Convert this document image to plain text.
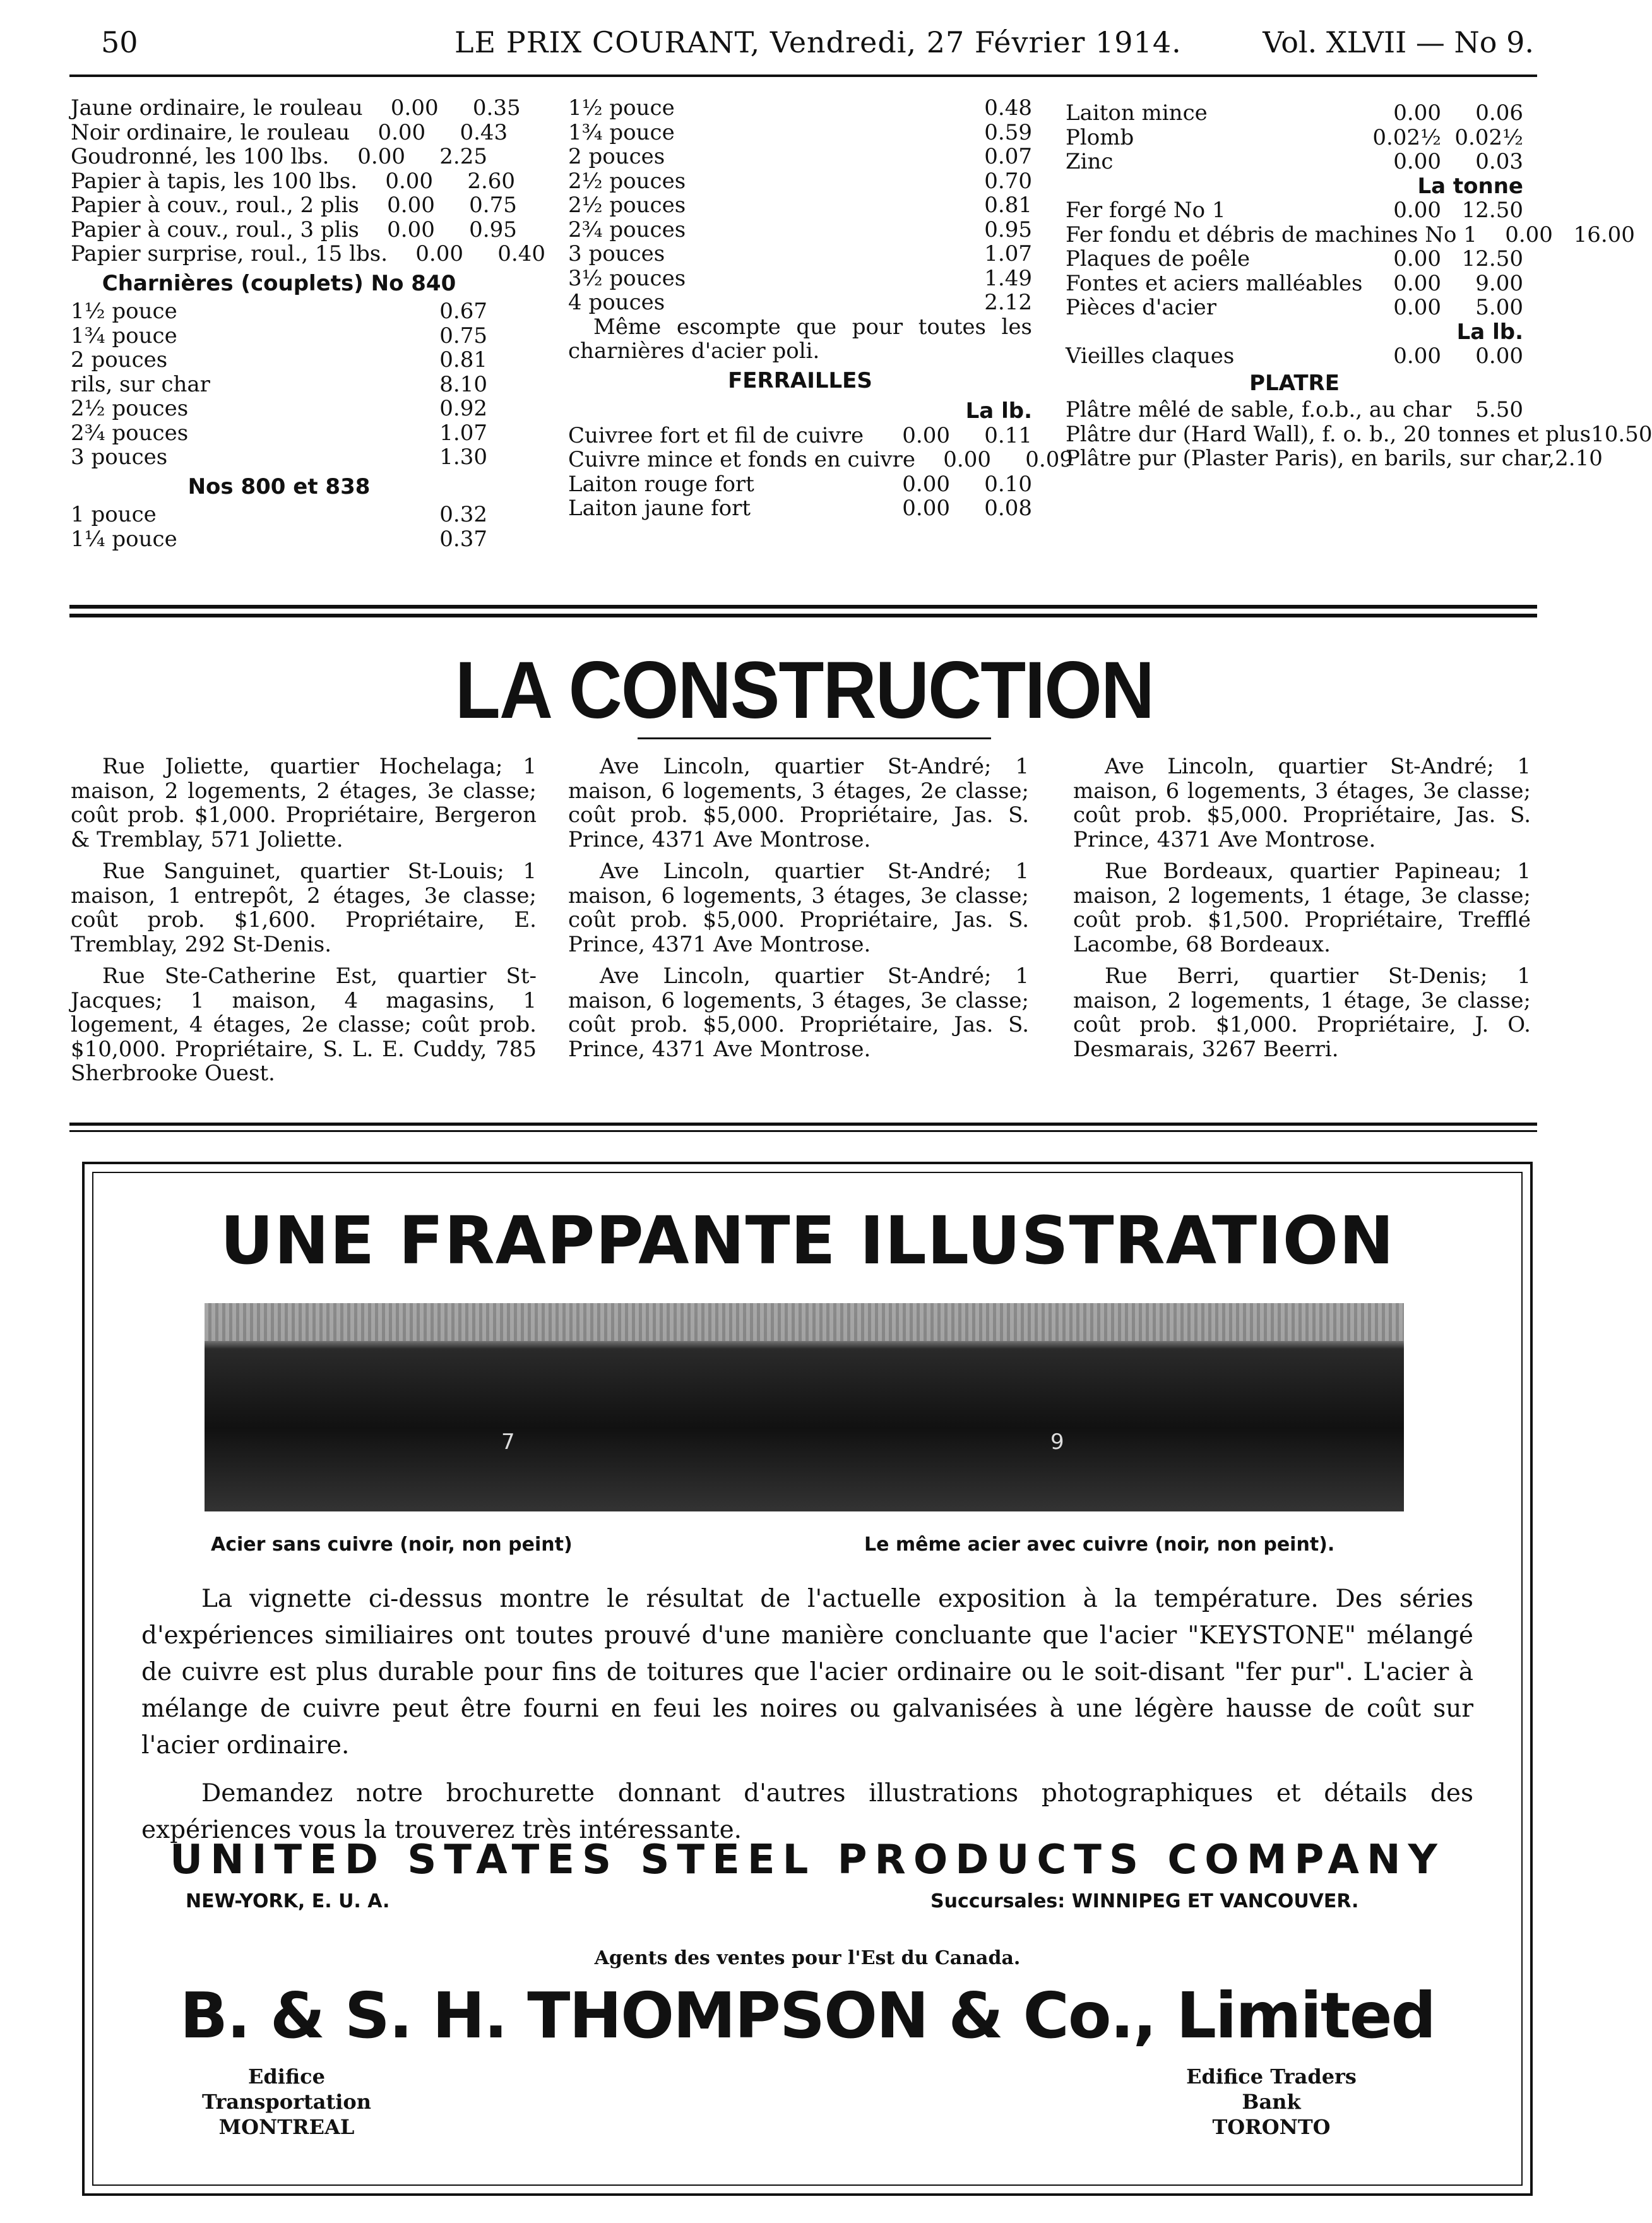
50	LE PRIX COURANT, Vendredi, 27 Février 1914.	Vol. XLVII — No 9.
Jaune ordinaire, le rouleau	0.00 0.35
Noir ordinaire, le rouleau	0.00 0.43
Goudronné, les 100 lbs.	0.00 2.25
Papier à tapis, les 100 lbs.	0.00 2.60
Papier à couv., roul., 2 plis	0.00 0.75
Papier à couv., roul., 3 plis	0.00 0.95
Papier surprise, roul., 15 lbs.	0.00 0.40
Charnières (couplets) No 840
1½ pouce	0.67
1¾ pouce	0.75
2 pouces	0.81
rils, sur char	8.10
2½ pouces	0.92
2¾ pouces	1.07
3 pouces	1.30
Nos 800 et 838
1 pouce	0.32
1¼ pouce	0.37
1½ pouce	0.48
1¾ pouce	0.59
2 pouces	0.07
2½ pouces	0.70
2½ pouces	0.81
2¾ pouces	0.95
3 pouces	1.07
3½ pouces	1.49
4 pouces	2.12
Même escompte que pour toutes les charnières d'acier poli.
FERRAILLES
La lb.
Cuivree fort et fil de cuivre	0.00 0.11
Cuivre mince et fonds en cuivre	0.00 0.09
Laiton rouge fort	0.00 0.10
Laiton jaune fort	0.00 0.08
Laiton mince	0.00 0.06
Plomb	0.02½ 0.02½
Zinc	0.00 0.03
La tonne
Fer forgé No 1	0.00 12.50
Fer fondu et débris de machines No 1	0.00 16.00
Plaques de poêle	0.00 12.50
Fontes et aciers malléables	0.00 9.00
Pièces d'acier	0.00 5.00
La lb.
Vieilles claques	0.00 0.00
PLATRE
Plâtre mêlé de sable, f.o.b., au char 5.50
Plâtre dur (Hard Wall), f. o. b., 20 tonnes et plus 10.50
Plâtre pur (Plaster Paris), en barils, sur char, 2.10
LA CONSTRUCTION

Rue Joliette, quartier Hochelaga; 1 maison, 2 logements, 2 étages, 3e classe; coût prob. $1,000. Propriétaire, Bergeron & Tremblay, 571 Joliette.

Rue Sanguinet, quartier St-Louis; 1 maison, 1 entrepôt, 2 étages, 3e classe; coût prob. $1,600. Propriétaire, E. Tremblay, 292 St-Denis.

Rue Ste-Catherine Est, quartier St-Jacques; 1 maison, 4 magasins, 1 logement, 4 étages, 2e classe; coût prob. $10,000. Propriétaire, S. L. E. Cuddy, 785 Sherbrooke Ouest.

Ave Lincoln, quartier St-André; 1 maison, 6 logements, 3 étages, 2e classe; coût prob. $5,000. Propriétaire, Jas. S. Prince, 4371 Ave Montrose.

Ave Lincoln, quartier St-André; 1 maison, 6 logements, 3 étages, 3e classe; coût prob. $5,000. Propriétaire, Jas. S. Prince, 4371 Ave Montrose.

Ave Lincoln, quartier St-André; 1 maison, 6 logements, 3 étages, 3e classe; coût prob. $5,000. Propriétaire, Jas. S. Prince, 4371 Ave Montrose.

Ave Lincoln, quartier St-André; 1 maison, 6 logements, 3 étages, 3e classe; coût prob. $5,000. Propriétaire, Jas. S. Prince, 4371 Ave Montrose.

Rue Bordeaux, quartier Papineau; 1 maison, 2 logements, 1 étage, 3e classe; coût prob. $1,500. Propriétaire, Trefflé Lacombe, 68 Bordeaux.

Rue Berri, quartier St-Denis; 1 maison, 2 logements, 1 étage, 3e classe; coût prob. $1,000. Propriétaire, J. O. Desmarais, 3267 Beerri.

UNE FRAPPANTE ILLUSTRATION
7	9
Acier sans cuivre (noir, non peint)	Le même acier avec cuivre (noir, non peint).

La vignette ci-dessus montre le résultat de l'actuelle exposition à la température. Des séries d'expériences similiaires ont toutes prouvé d'une manière concluante que l'acier "KEYSTONE" mélangé de cuivre est plus durable pour fins de toitures que l'acier ordinaire ou le soit-disant "fer pur". L'acier à mélange de cuivre peut être fourni en feui les noires ou galvanisées à une légère hausse de coût sur l'acier ordinaire.

Demandez notre brochurette donnant d'autres illustrations photographiques et détails des expériences vous la trouverez très intéressante.

UNITED STATES STEEL PRODUCTS COMPANY
NEW-YORK, E. U. A.	Succursales: WINNIPEG ET VANCOUVER.
Agents des ventes pour l'Est du Canada.
B. & S. H. THOMPSON & Co., Limited
Edifice Transportation
MONTREAL
Edifice Traders Bank
TORONTO
